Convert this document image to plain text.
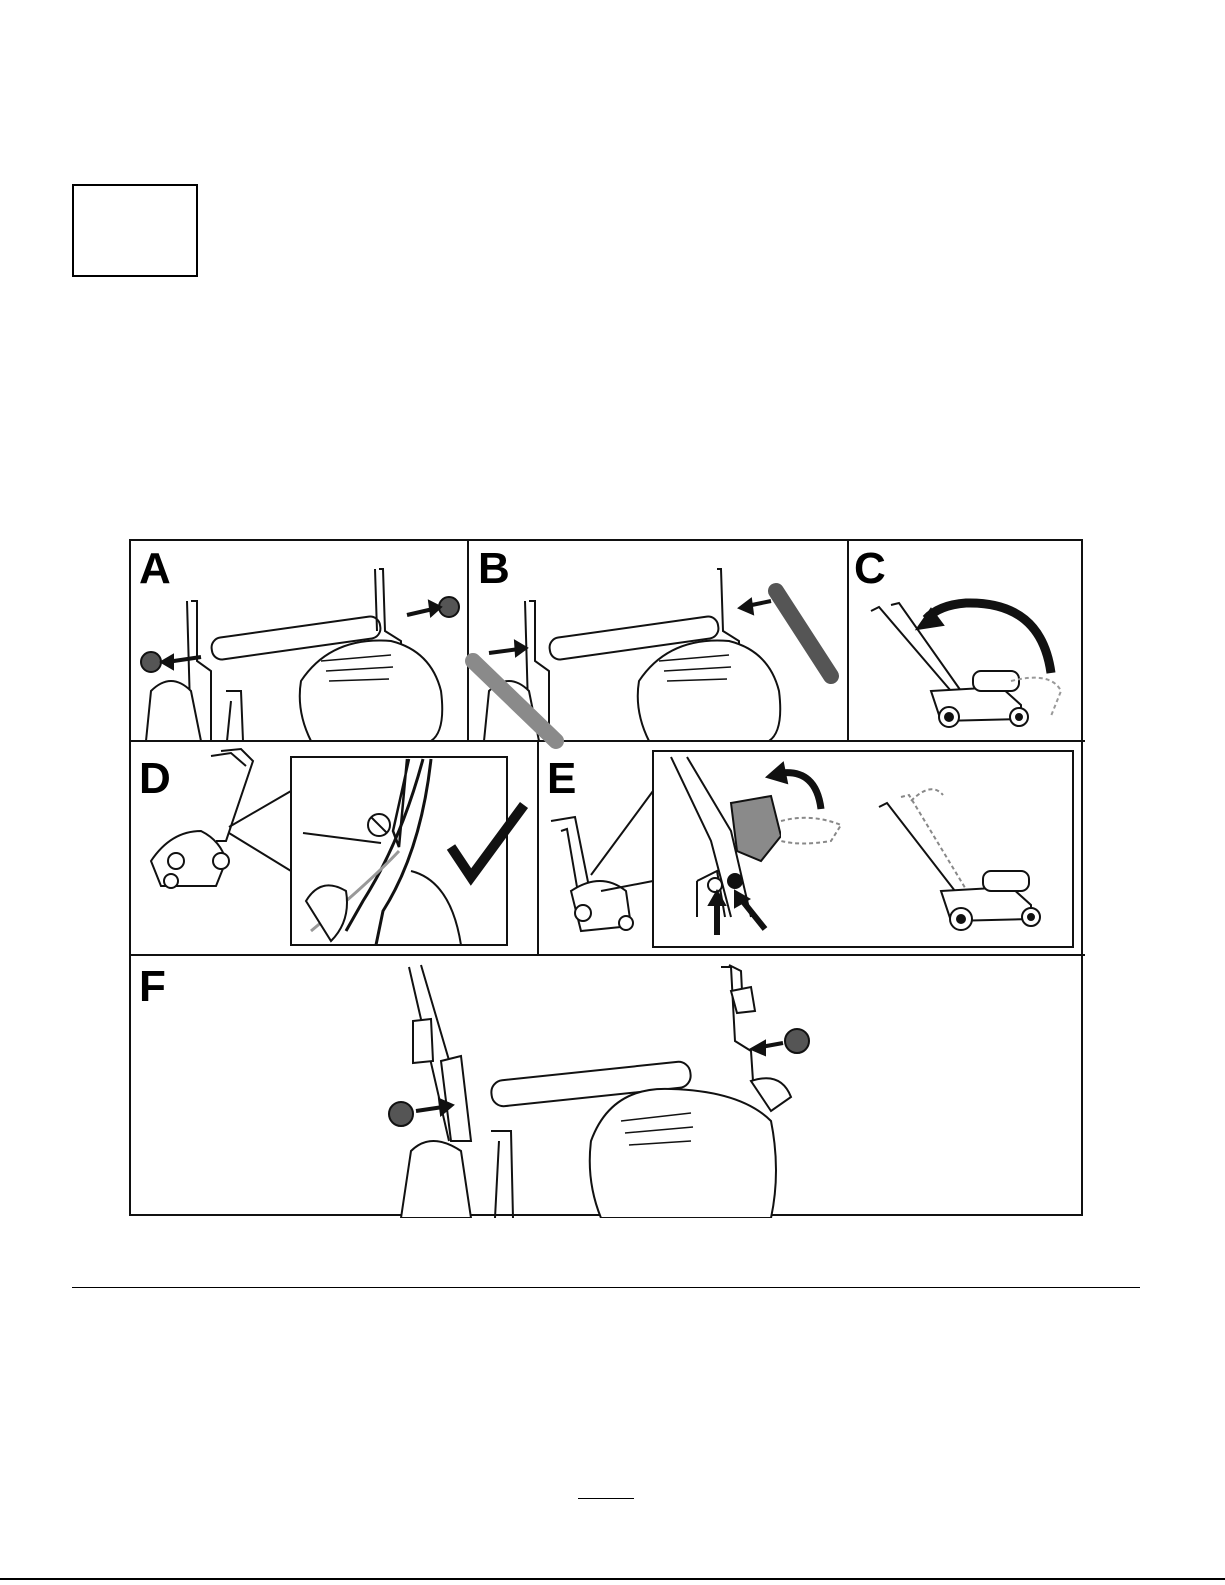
A	B	C
D	E
F
